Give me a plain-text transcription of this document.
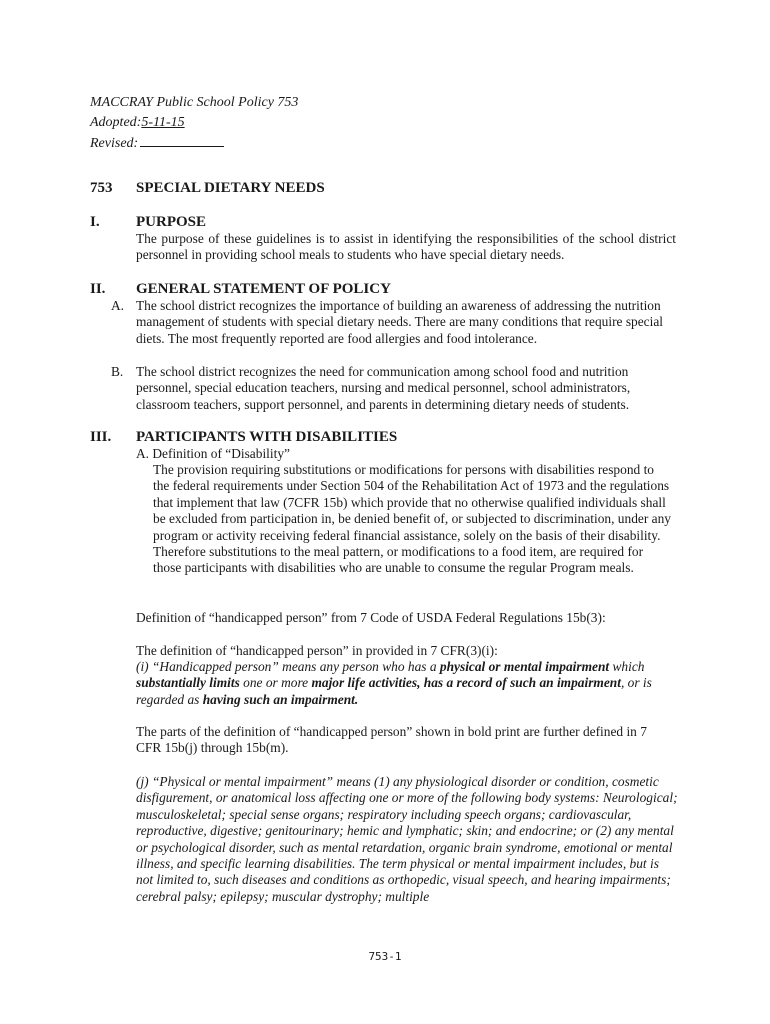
MACCRAY Public School Policy 753
Adopted:5-11-15
Revised:
753 SPECIAL DIETARY NEEDS
I. PURPOSE
The purpose of these guidelines is to assist in identifying the responsibilities of the school district personnel in providing school meals to students who have special dietary needs.
II. GENERAL STATEMENT OF POLICY
A. The school district recognizes the importance of building an awareness of addressing the nutrition management of students with special dietary needs. There are many conditions that require special diets. The most frequently reported are food allergies and food intolerance.
B. The school district recognizes the need for communication among school food and nutrition personnel, special education teachers, nursing and medical personnel, school administrators, classroom teachers, support personnel, and parents in determining dietary needs of students.
III. PARTICIPANTS WITH DISABILITIES
A. Definition of “Disability”
The provision requiring substitutions or modifications for persons with disabilities respond to the federal requirements under Section 504 of the Rehabilitation Act of 1973 and the regulations that implement that law (7CFR 15b) which provide that no otherwise qualified individuals shall be excluded from participation in, be denied benefit of, or subjected to discrimination, under any program or activity receiving federal financial assistance, solely on the basis of their disability. Therefore substitutions to the meal pattern, or modifications to a food item, are required for those participants with disabilities who are unable to consume the regular Program meals.
Definition of “handicapped person” from 7 Code of USDA Federal Regulations 15b(3):
The definition of “handicapped person” in provided in 7 CFR(3)(i):
(i) “Handicapped person” means any person who has a physical or mental impairment which substantially limits one or more major life activities, has a record of such an impairment, or is regarded as having such an impairment.
The parts of the definition of “handicapped person” shown in bold print are further defined in 7 CFR 15b(j) through 15b(m).
(j) “Physical or mental impairment” means (1) any physiological disorder or condition, cosmetic disfigurement, or anatomical loss affecting one or more of the following body systems: Neurological; musculoskeletal; special sense organs; respiratory including speech organs; cardiovascular, reproductive, digestive; genitourinary; hemic and lymphatic; skin; and endocrine; or (2) any mental or psychological disorder, such as mental retardation, organic brain syndrome, emotional or mental illness, and specific learning disabilities. The term physical or mental impairment includes, but is not limited to, such diseases and conditions as orthopedic, visual speech, and hearing impairments; cerebral palsy; epilepsy; muscular dystrophy; multiple
753-1
